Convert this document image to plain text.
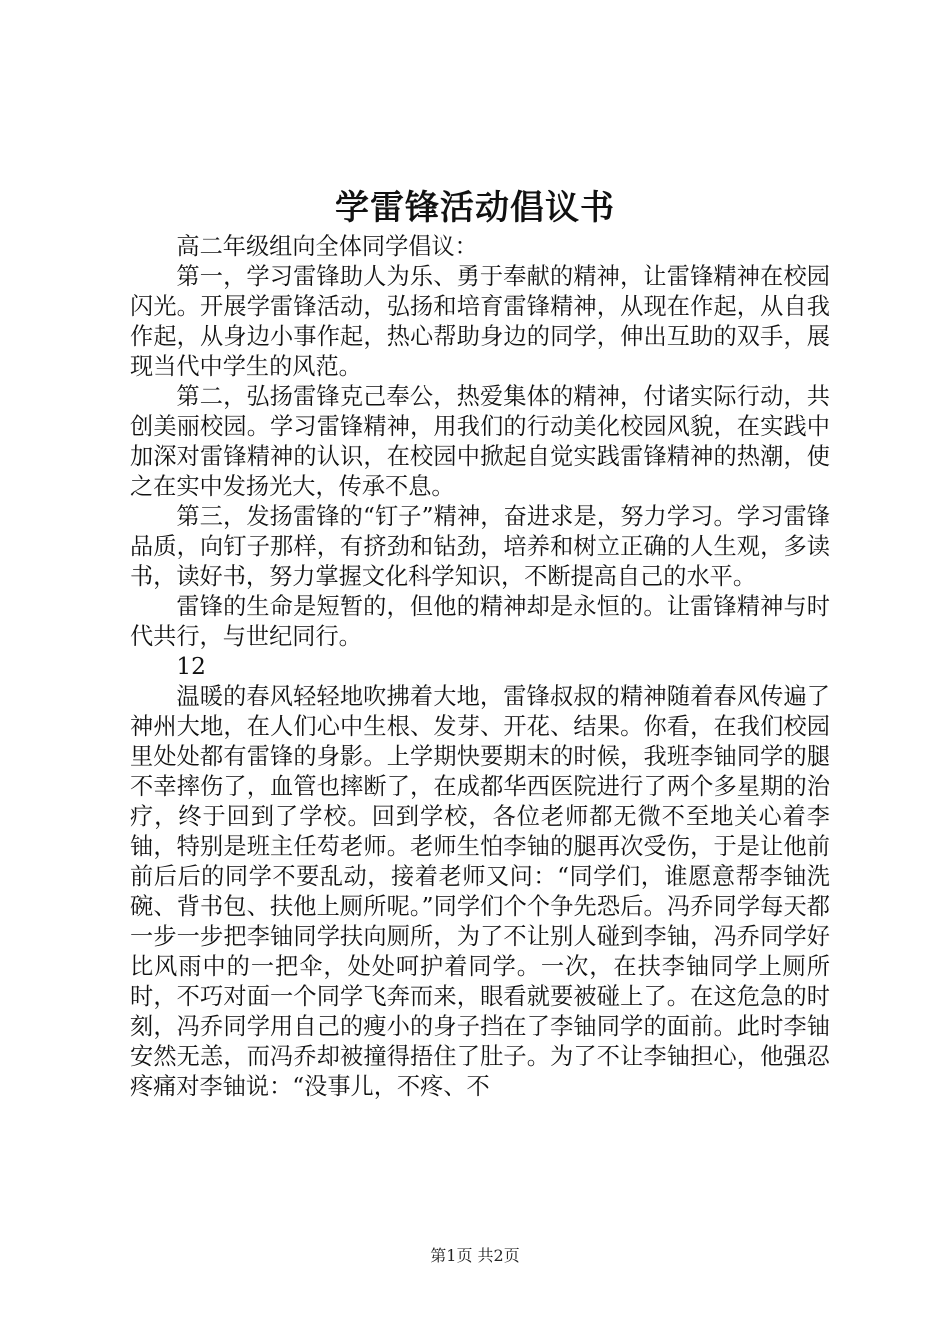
学雷锋活动倡议书

高二年级组向全体同学倡议：

第一，学习雷锋助人为乐、勇于奉献的精神，让雷锋精神在校园闪光。开展学雷锋活动，弘扬和培育雷锋精神，从现在作起，从自我作起，从身边小事作起，热心帮助身边的同学，伸出互助的双手，展现当代中学生的风范。

第二，弘扬雷锋克己奉公，热爱集体的精神，付诸实际行动，共创美丽校园。学习雷锋精神，用我们的行动美化校园风貌，在实践中加深对雷锋精神的认识，在校园中掀起自觉实践雷锋精神的热潮，使之在实中发扬光大，传承不息。

第三，发扬雷锋的“钉子”精神，奋进求是，努力学习。学习雷锋品质，向钉子那样，有挤劲和钻劲，培养和树立正确的人生观，多读书，读好书，努力掌握文化科学知识，不断提高自己的水平。

雷锋的生命是短暂的，但他的精神却是永恒的。让雷锋精神与时代共行，与世纪同行。

12

温暖的春风轻轻地吹拂着大地，雷锋叔叔的精神随着春风传遍了神州大地，在人们心中生根、发芽、开花、结果。你看，在我们校园里处处都有雷锋的身影。上学期快要期末的时候，我班李铀同学的腿不幸摔伤了，血管也摔断了，在成都华西医院进行了两个多星期的治疗，终于回到了学校。回到学校，各位老师都无微不至地关心着李铀，特别是班主任芶老师。老师生怕李铀的腿再次受伤，于是让他前前后后的同学不要乱动，接着老师又问：“同学们，谁愿意帮李铀洗碗、背书包、扶他上厕所呢。”同学们个个争先恐后。冯乔同学每天都一步一步把李铀同学扶向厕所，为了不让别人碰到李铀，冯乔同学好比风雨中的一把伞，处处呵护着同学。一次，在扶李铀同学上厕所时，不巧对面一个同学飞奔而来，眼看就要被碰上了。在这危急的时刻，冯乔同学用自己的瘦小的身子挡在了李铀同学的面前。此时李铀安然无恙，而冯乔却被撞得捂住了肚子。为了不让李铀担心，他强忍疼痛对李铀说：“没事儿，不疼、不

第1页 共2页
